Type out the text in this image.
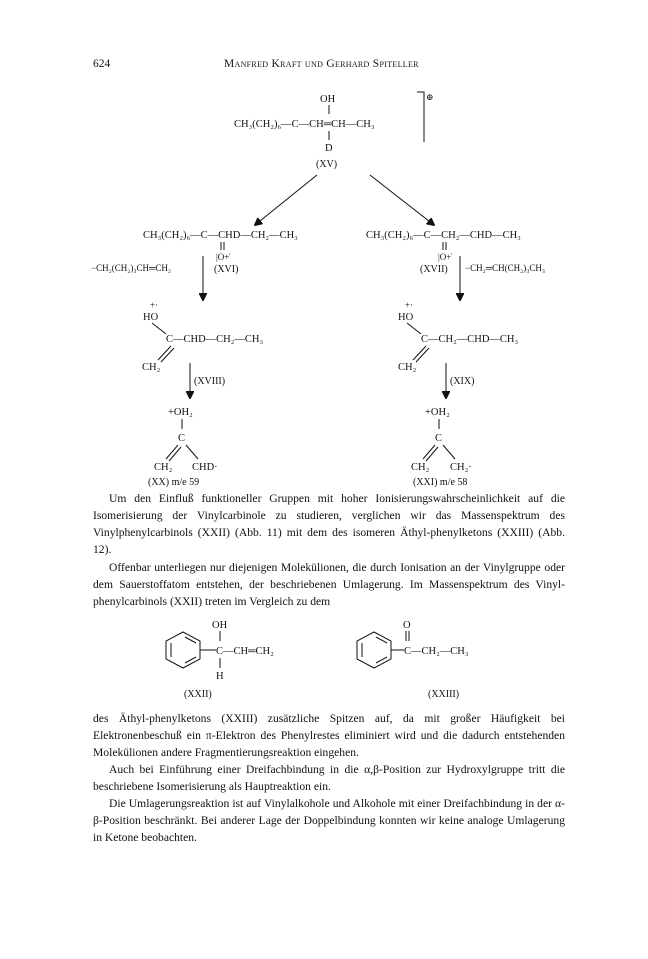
624	Manfred Kraft und Gerhard Spiteller
OH
CH₃(CH₂)₆—C—CH═CH—CH₃
D
⊕
(XV)
CH₃(CH₂)₆—C—CHD—CH₂—CH₃
|O+̇
(XVI)
−CH₂(CH₂)₃CH═CH₂
CH₃(CH₂)₆—C—CH₂—CHD—CH₃
|O+̇
(XVII) −CH₂═CH(CH₂)₃CH₃
+·
HO
C—CHD—CH₂—CH₃
CH₂
(XVIII)
+·
HO
C—CH₂—CHD—CH₃
CH₂
(XIX)
+OH₂
C
CH₂ CHD·
(XX) m/e 59
+OH₂
C
CH₂ CH₂·
(XXI) m/e 58
OH
C—CH═CH₂
H
(XXII)
O
C—CH₂—CH₃
(XXIII)

Um den Einfluß funktioneller Gruppen mit hoher Ionisierungswahrscheinlichkeit auf die Isomerisierung der Vinylcarbinole zu studieren, verglichen wir das Massenspektrum des Vinylphenylcarbinols (XXII) (Abb. 11) mit dem des isomeren Äthyl-phenylketons (XXIII) (Abb. 12).

Offenbar unterliegen nur diejenigen Molekülionen, die durch Ionisation an der Vinylgruppe oder dem Sauerstoffatom entstehen, der beschriebenen Umlagerung. Im Massenspektrum des Vinyl-phenylcarbinols (XXII) treten im Vergleich zu dem

des Äthyl-phenylketons (XXIII) zusätzliche Spitzen auf, da mit großer Häufigkeit bei Elektronenbeschuß ein π-Elektron des Phenylrestes eliminiert wird und die dadurch entstehenden Molekülionen andere Fragmentierungsreaktion eingehen.

Auch bei Einführung einer Dreifachbindung in die α,β-Position zur Hydroxylgruppe tritt die beschriebene Isomerisierung als Hauptreaktion ein.

Die Umlagerungsreaktion ist auf Vinylalkohole und Alkohole mit einer Dreifachbindung in der α-β-Position beschränkt. Bei anderer Lage der Doppelbindung konnten wir keine analoge Umlagerung in Ketone beobachten.
